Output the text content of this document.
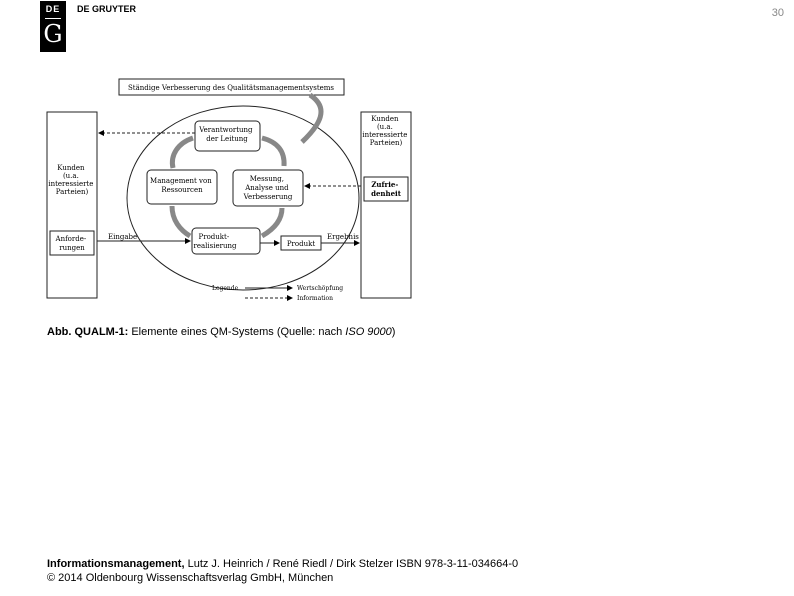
DE
G
DE GRUYTER	30
Ständige Verbesserung des Qualitätsmanagementsystems
Kunden (u.a. interessierte Parteien)
Anforde- rungen
Kunden (u.a. interessierte Parteien)
Zufrie- denheit
Verantwortung der Leitung
Management von Ressourcen
Messung, Analyse und Verbesserung
Produkt- realisierung	Produkt
Eingabe	Ergebnis
Legende	Wertschöpfung
Information
Abb. QUALM-1: Elemente eines QM-Systems (Quelle: nach ISO 9000)
Informationsmanagement, Lutz J. Heinrich / René Riedl / Dirk Stelzer ISBN 978-3-11-034664-0
© 2014 Oldenbourg Wissenschaftsverlag GmbH, München
